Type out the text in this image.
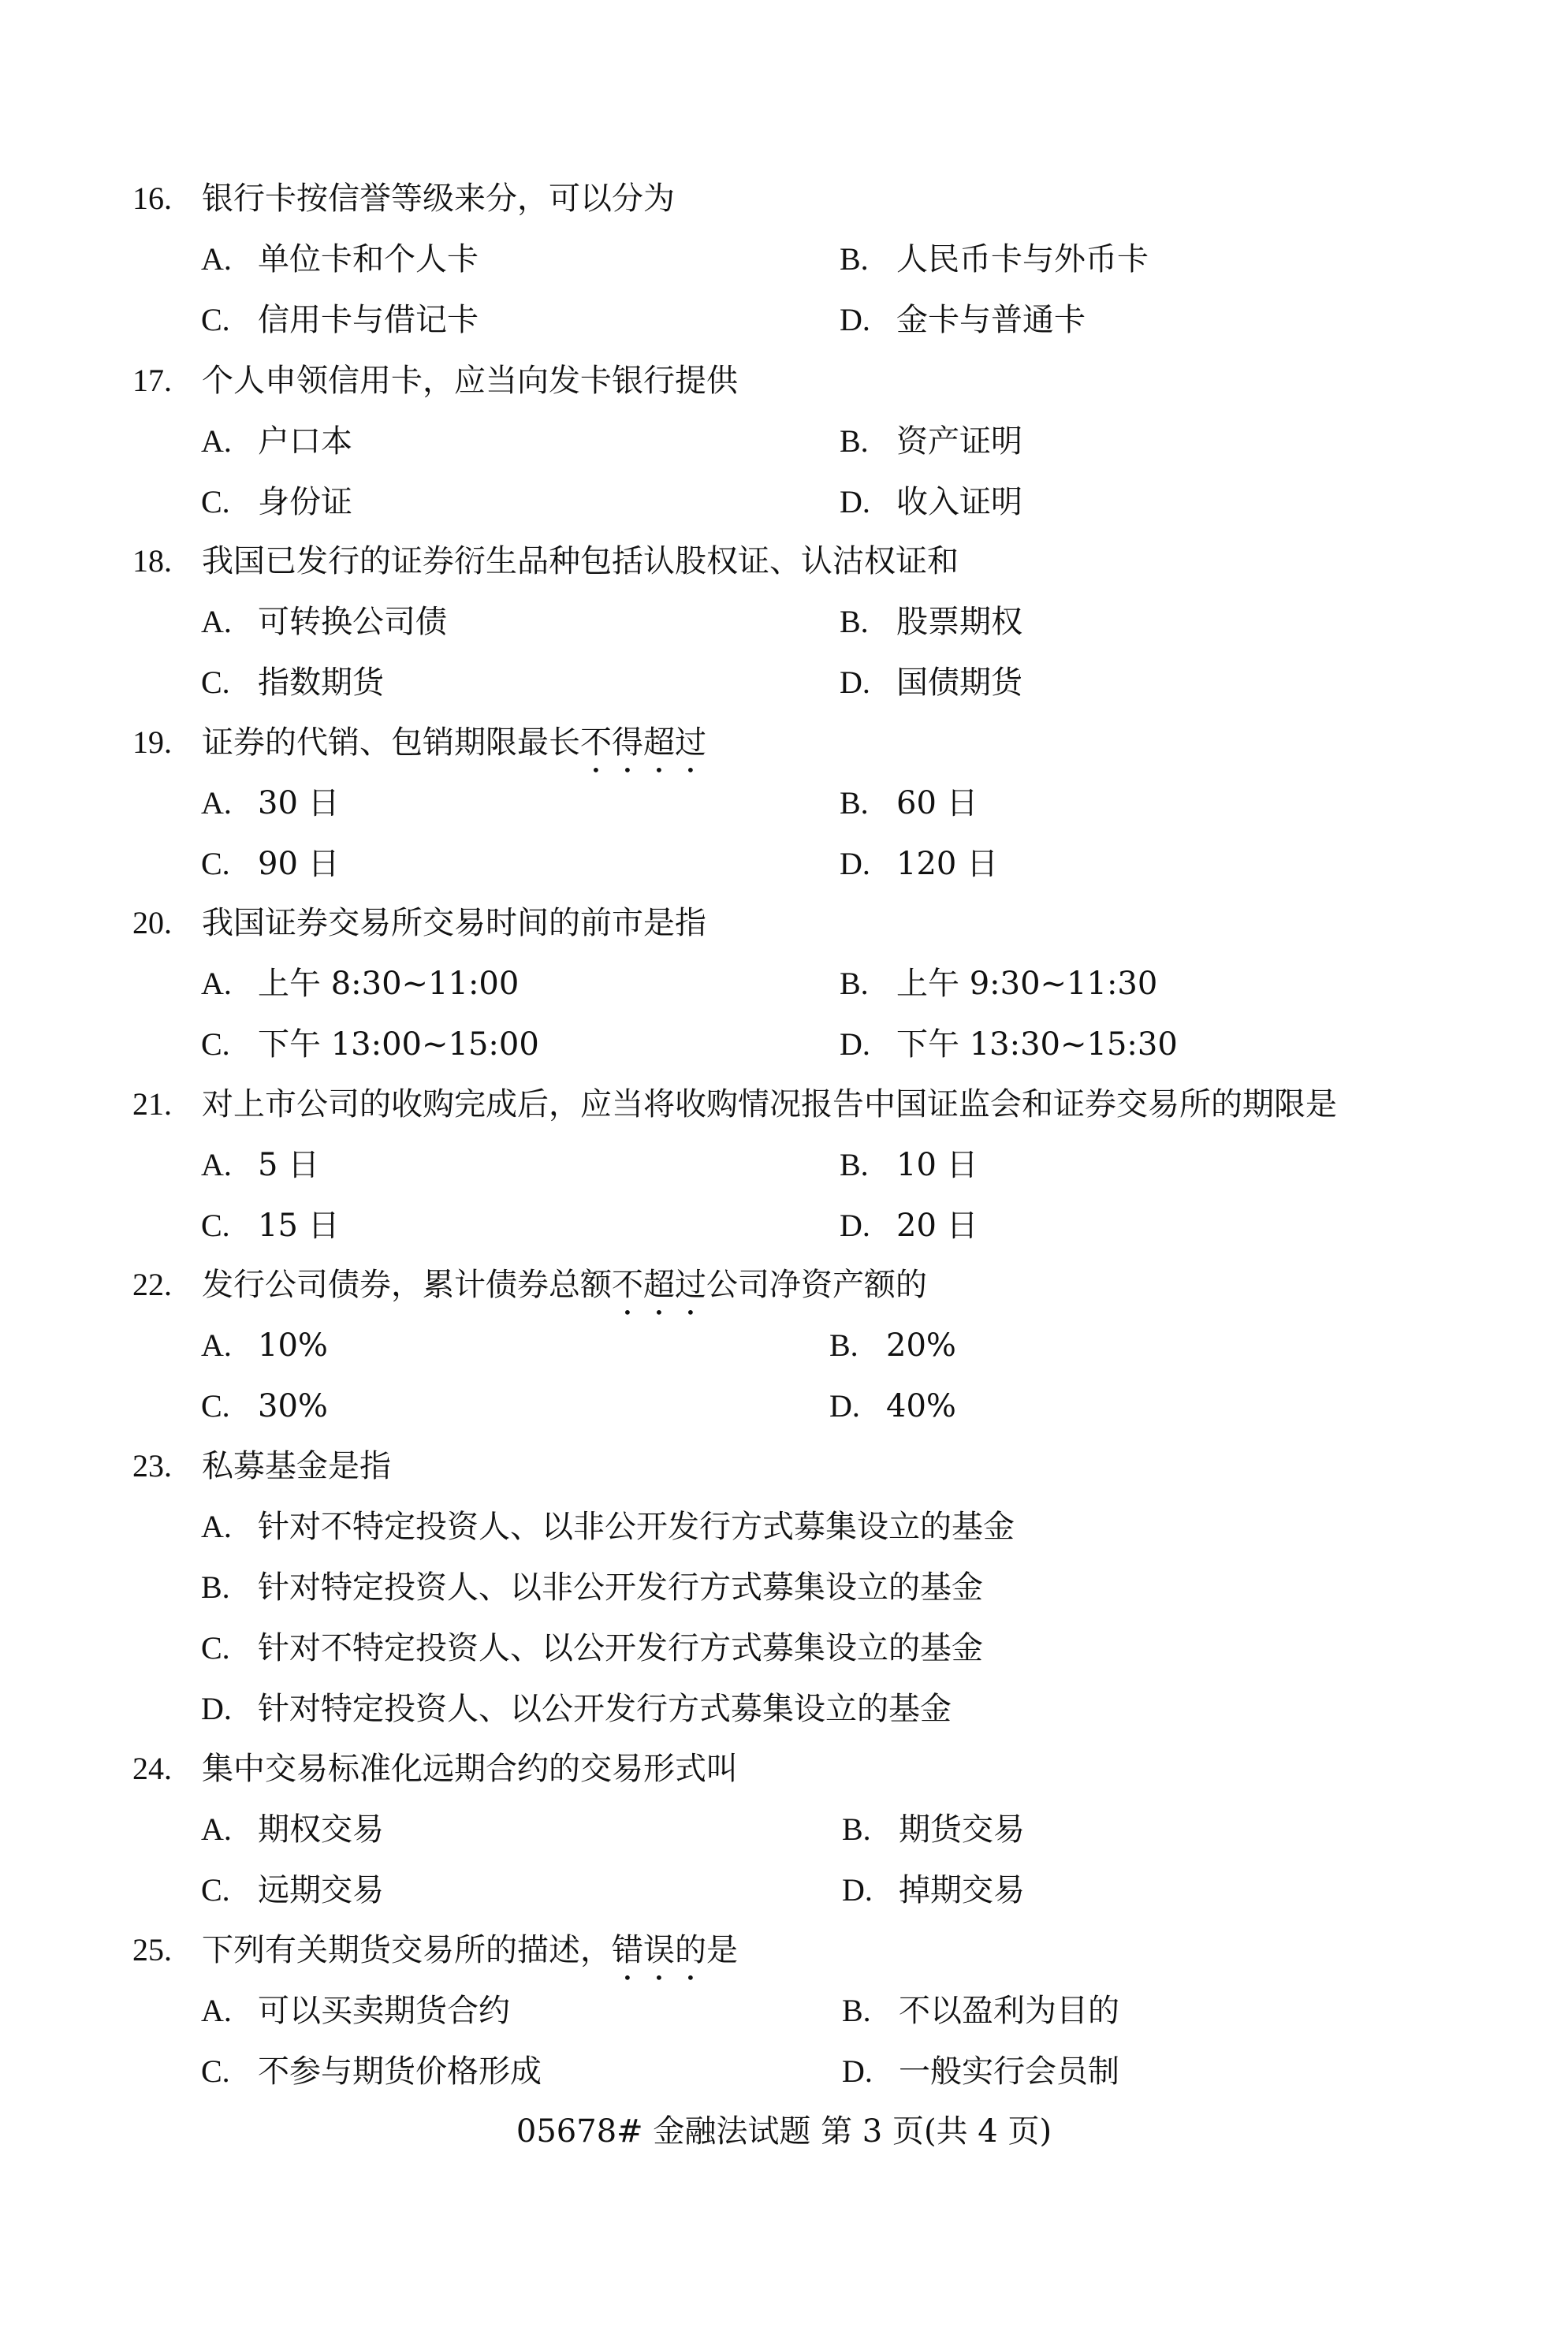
16. 银行卡按信誉等级来分，可以分为
A. 单位卡和个人卡	B. 人民币卡与外币卡
C. 信用卡与借记卡	D. 金卡与普通卡
17. 个人申领信用卡，应当向发卡银行提供
A. 户口本	B. 资产证明
C. 身份证	D. 收入证明
18. 我国已发行的证券衍生品种包括认股权证、认沽权证和
A. 可转换公司债	B. 股票期权
C. 指数期货	D. 国债期货
19. 证券的代销、包销期限最长不得超过
A. 30 日	B. 60 日
C. 90 日	D. 120 日
20. 我国证券交易所交易时间的前市是指
A. 上午 8:30~11:00	B. 上午 9:30~11:30
C. 下午 13:00~15:00	D. 下午 13:30~15:30
21. 对上市公司的收购完成后，应当将收购情况报告中国证监会和证券交易所的期限是
A. 5 日	B. 10 日
C. 15 日	D. 20 日
22. 发行公司债券，累计债券总额不超过公司净资产额的
A. 10%	B. 20%
C. 30%	D. 40%
23. 私募基金是指
A. 针对不特定投资人、以非公开发行方式募集设立的基金
B. 针对特定投资人、以非公开发行方式募集设立的基金
C. 针对不特定投资人、以公开发行方式募集设立的基金
D. 针对特定投资人、以公开发行方式募集设立的基金
24. 集中交易标准化远期合约的交易形式叫
A. 期权交易	B. 期货交易
C. 远期交易	D. 掉期交易
25. 下列有关期货交易所的描述，错误的是
A. 可以买卖期货合约	B. 不以盈利为目的
C. 不参与期货价格形成	D. 一般实行会员制
05678# 金融法试题 第 3 页(共 4 页)
